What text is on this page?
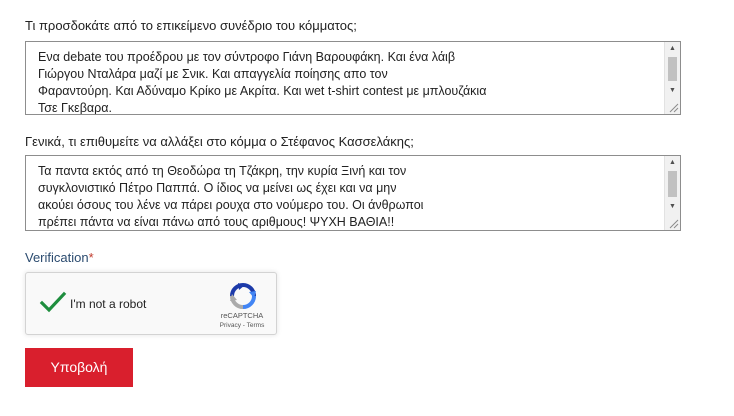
Τι προσδοκάτε από το επικείμενο συνέδριο του κόμματος;
Ενα debate του προέδρου με τον σύντροφο Γιάνη Βαρουφάκη. Και ένα λάιβ
Γιώργου Νταλάρα μαζί με Σνικ. Και απαγγελία ποίησης απο τον
Φαραντούρη. Και Αδύναμο Κρίκο με Ακρίτα. Και wet t-shirt contest με μπλουζάκια
Τσε Γκεβαρα.
▲
▼
Γενικά, τι επιθυμείτε να αλλάξει στο κόμμα ο Στέφανος Κασσελάκης;
Τα παντα εκτός από τη Θεοδώρα τη Τζάκρη, την κυρία Ξινή και τον
συγκλονιστικό Πέτρο Παππά. Ο ίδιος να μείνει ως έχει και να μην
ακούει όσους του λένε να πάρει ρουχα στο νούμερο του. Οι άνθρωποι
πρέπει πάντα να είναι πάνω από τους αριθμους! ΨΥΧΗ ΒΑΘΙΑ!!
▲
▼
Verification*
I'm not a robot
reCAPTCHA
Privacy - Terms
Υποβολή
